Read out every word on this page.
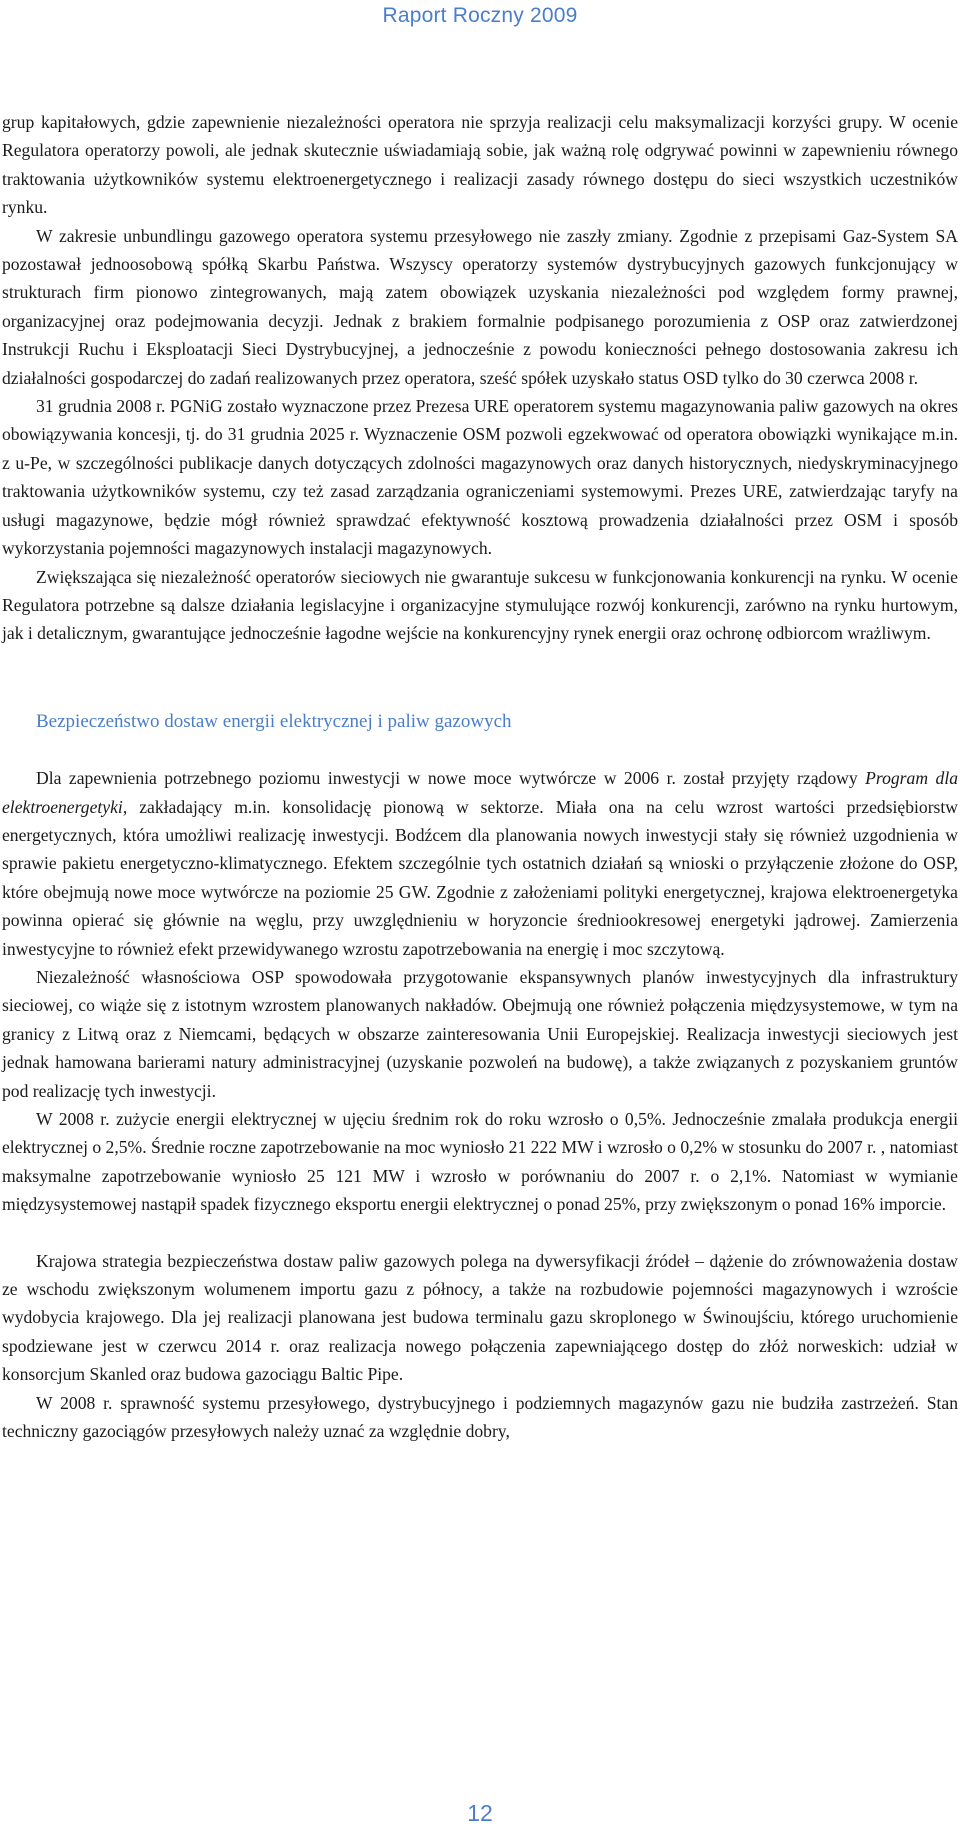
Raport Roczny 2009

grup kapitałowych, gdzie zapewnienie niezależności operatora nie sprzyja realizacji celu maksymalizacji korzyści grupy. W ocenie Regulatora operatorzy powoli, ale jednak skutecznie uświadamiają sobie, jak ważną rolę odgrywać powinni w zapewnieniu równego traktowania użytkowników systemu elektroenergetycznego i realizacji zasady równego dostępu do sieci wszystkich uczestników rynku.

W zakresie unbundlingu gazowego operatora systemu przesyłowego nie zaszły zmiany. Zgodnie z przepisami Gaz-System SA pozostawał jednoosobową spółką Skarbu Państwa. Wszyscy operatorzy systemów dystrybucyjnych gazowych funkcjonujący w strukturach firm pionowo zintegrowanych, mają zatem obowiązek uzyskania niezależności pod względem formy prawnej, organizacyjnej oraz podejmowania decyzji. Jednak z brakiem formalnie podpisanego porozumienia z OSP oraz zatwierdzonej Instrukcji Ruchu i Eksploatacji Sieci Dystrybucyjnej, a jednocześnie z powodu konieczności pełnego dostosowania zakresu ich działalności gospodarczej do zadań realizowanych przez operatora, sześć spółek uzyskało status OSD tylko do 30 czerwca 2008 r.

31 grudnia 2008 r. PGNiG zostało wyznaczone przez Prezesa URE operatorem systemu magazynowania paliw gazowych na okres obowiązywania koncesji, tj. do 31 grudnia 2025 r. Wyznaczenie OSM pozwoli egzekwować od operatora obowiązki wynikające m.in. z u-Pe, w szczególności publikacje danych dotyczących zdolności magazynowych oraz danych historycznych, niedyskryminacyjnego traktowania użytkowników systemu, czy też zasad zarządzania ograniczeniami systemowymi. Prezes URE, zatwierdzając taryfy na usługi magazynowe, będzie mógł również sprawdzać efektywność kosztową prowadzenia działalności przez OSM i sposób wykorzystania pojemności magazynowych instalacji magazynowych.

Zwiększająca się niezależność operatorów sieciowych nie gwarantuje sukcesu w funkcjonowania konkurencji na rynku. W ocenie Regulatora potrzebne są dalsze działania legislacyjne i organizacyjne stymulujące rozwój konkurencji, zarówno na rynku hurtowym, jak i detalicznym, gwarantujące jednocześnie łagodne wejście na konkurencyjny rynek energii oraz ochronę odbiorcom wrażliwym.

Bezpieczeństwo dostaw energii elektrycznej i paliw gazowych

Dla zapewnienia potrzebnego poziomu inwestycji w nowe moce wytwórcze w 2006 r. został przyjęty rządowy Program dla elektroenergetyki, zakładający m.in. konsolidację pionową w sektorze. Miała ona na celu wzrost wartości przedsiębiorstw energetycznych, która umożliwi realizację inwestycji. Bodźcem dla planowania nowych inwestycji stały się również uzgodnienia w sprawie pakietu energetyczno-klimatycznego. Efektem szczególnie tych ostatnich działań są wnioski o przyłączenie złożone do OSP, które obejmują nowe moce wytwórcze na poziomie 25 GW. Zgodnie z założeniami polityki energetycznej, krajowa elektroenergetyka powinna opierać się głównie na węglu, przy uwzględnieniu w horyzoncie średniookresowej energetyki jądrowej. Zamierzenia inwestycyjne to również efekt przewidywanego wzrostu zapotrzebowania na energię i moc szczytową.

Niezależność własnościowa OSP spowodowała przygotowanie ekspansywnych planów inwestycyjnych dla infrastruktury sieciowej, co wiąże się z istotnym wzrostem planowanych nakładów. Obejmują one również połączenia międzysystemowe, w tym na granicy z Litwą oraz z Niemcami, będących w obszarze zainteresowania Unii Europejskiej. Realizacja inwestycji sieciowych jest jednak hamowana barierami natury administracyjnej (uzyskanie pozwoleń na budowę), a także związanych z pozyskaniem gruntów pod realizację tych inwestycji.

W 2008 r. zużycie energii elektrycznej w ujęciu średnim rok do roku wzrosło o 0,5%. Jednocześnie zmalała produkcja energii elektrycznej o 2,5%. Średnie roczne zapotrzebowanie na moc wyniosło 21 222 MW i wzrosło o 0,2% w stosunku do 2007 r. , natomiast maksymalne zapotrzebowanie wyniosło 25 121 MW i wzrosło w porównaniu do 2007 r. o 2,1%. Natomiast w wymianie międzysystemowej nastąpił spadek fizycznego eksportu energii elektrycznej o ponad 25%, przy zwiększonym o ponad 16% imporcie.

Krajowa strategia bezpieczeństwa dostaw paliw gazowych polega na dywersyfikacji źródeł – dążenie do zrównoważenia dostaw ze wschodu zwiększonym wolumenem importu gazu z północy, a także na rozbudowie pojemności magazynowych i wzroście wydobycia krajowego. Dla jej realizacji planowana jest budowa terminalu gazu skroplonego w Świnoujściu, którego uruchomienie spodziewane jest w czerwcu 2014 r. oraz realizacja nowego połączenia zapewniającego dostęp do złóż norweskich: udział w konsorcjum Skanled oraz budowa gazociągu Baltic Pipe.

W 2008 r. sprawność systemu przesyłowego, dystrybucyjnego i podziemnych magazynów gazu nie budziła zastrzeżeń. Stan techniczny gazociągów przesyłowych należy uznać za względnie dobry,

12
